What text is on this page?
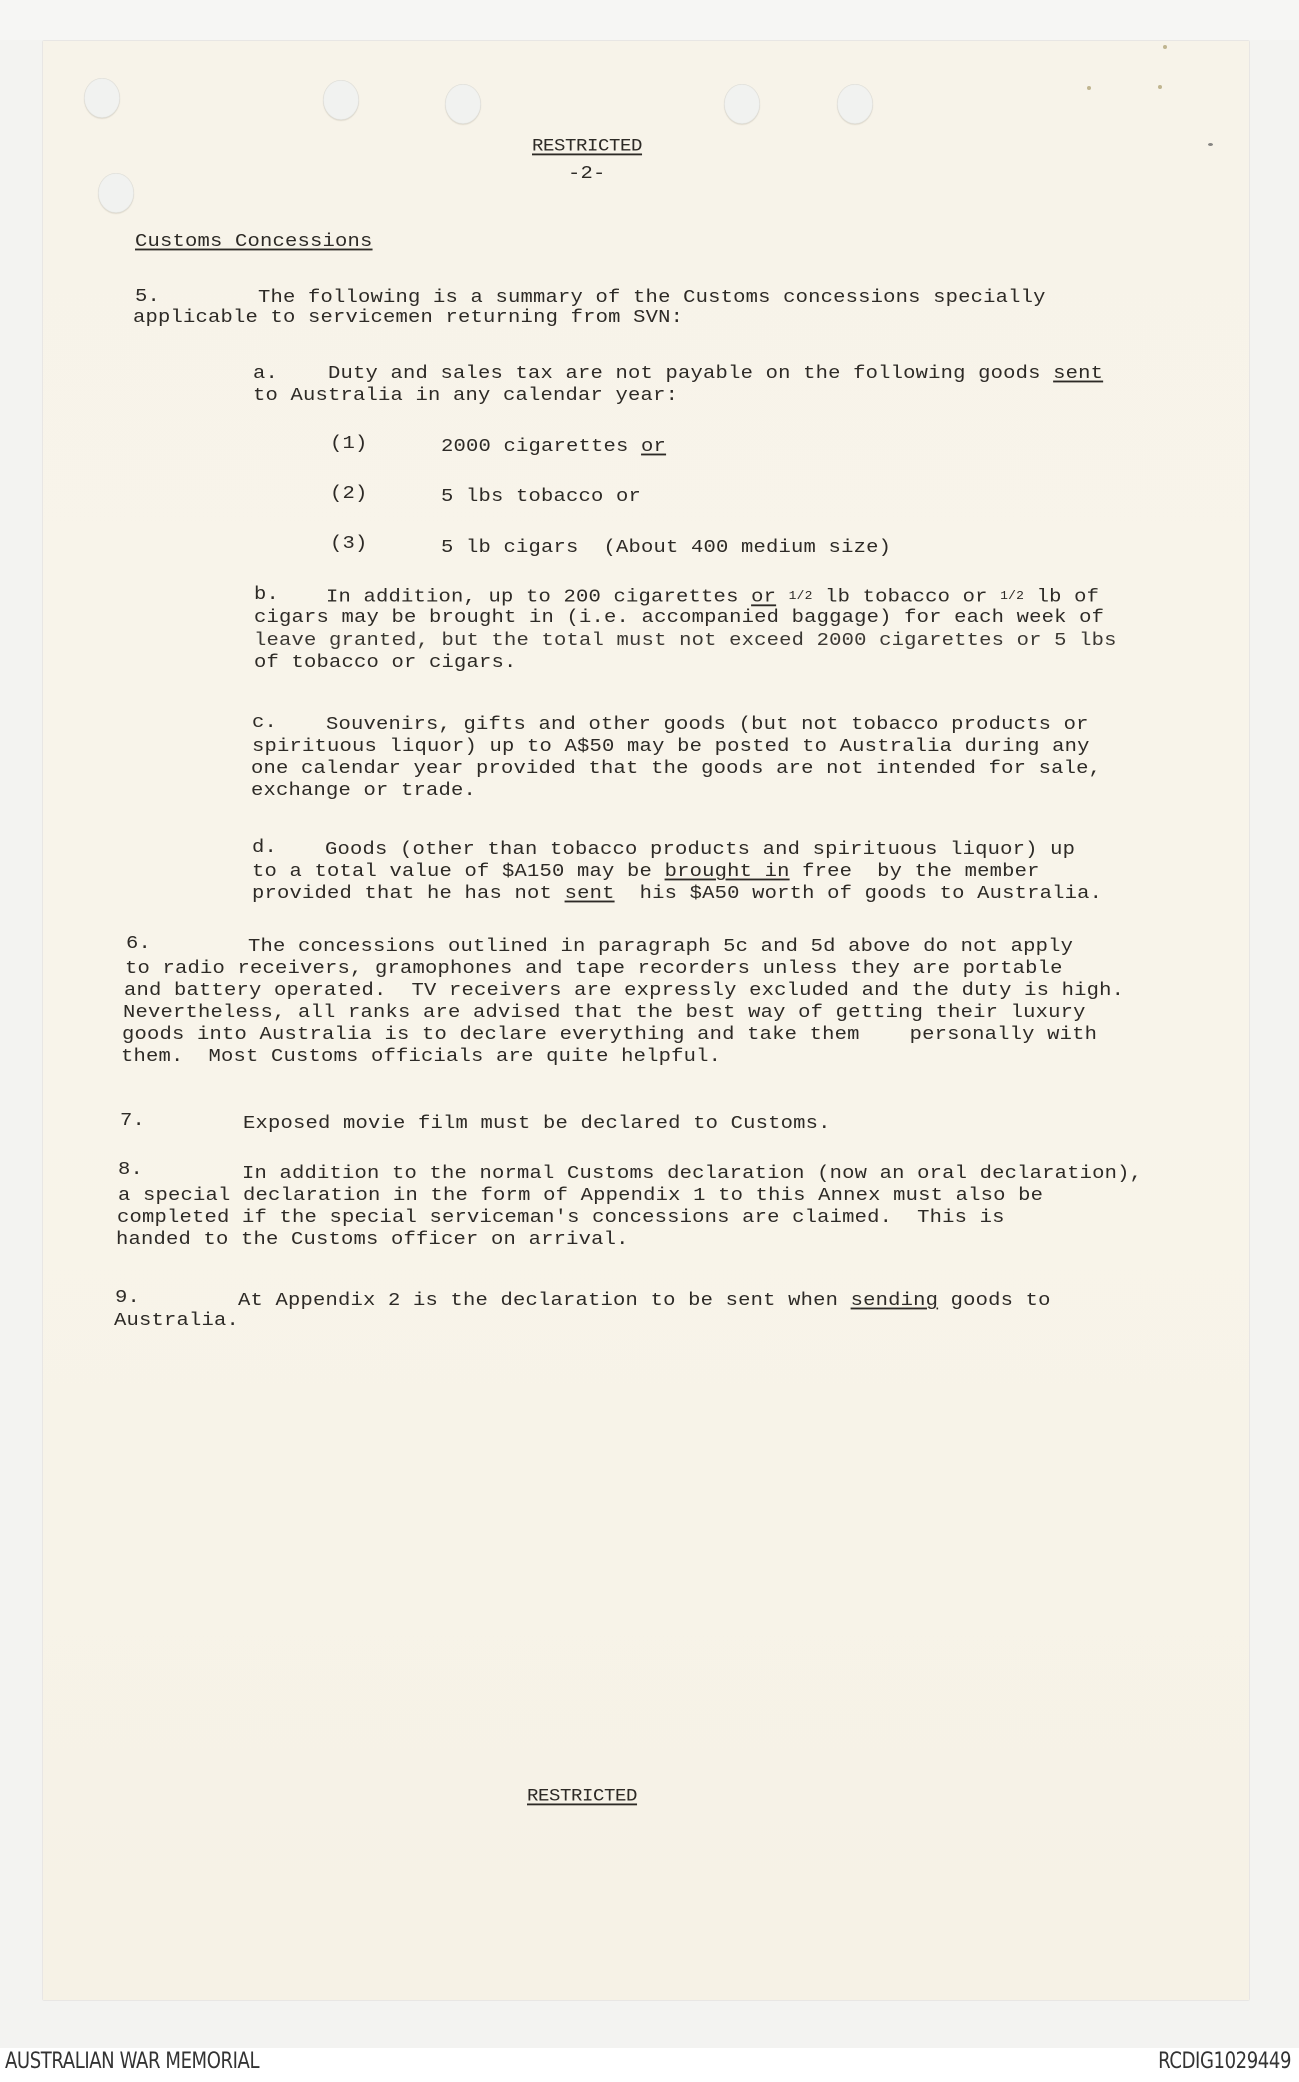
RESTRICTED
-2-
Customs Concessions
5.	The following is a summary of the Customs concessions specially
applicable to servicemen returning from SVN:
a. Duty and sales tax are not payable on the following goods sent
to Australia in any calendar year:
(1)	2000 cigarettes or
(2)	5 lbs tobacco or
(3)	5 lb cigars  (About 400 medium size)
b. In addition, up to 200 cigarettes or 1/2 lb tobacco or 1/2 lb of
cigars may be brought in (i.e. accompanied baggage) for each week of
leave granted, but the total must not exceed 2000 cigarettes or 5 lbs
of tobacco or cigars.
c. Souvenirs, gifts and other goods (but not tobacco products or
spirituous liquor) up to A$50 may be posted to Australia during any
one calendar year provided that the goods are not intended for sale,
exchange or trade.
d. Goods (other than tobacco products and spirituous liquor) up
to a total value of $A150 may be brought in free  by the member
provided that he has not sent  his $A50 worth of goods to Australia.
6.	The concessions outlined in paragraph 5c and 5d above do not apply
to radio receivers, gramophones and tape recorders unless they are portable
and battery operated.  TV receivers are expressly excluded and the duty is high.
Nevertheless, all ranks are advised that the best way of getting their luxury
goods into Australia is to declare everything and take them    personally with
them.  Most Customs officials are quite helpful.
7.	Exposed movie film must be declared to Customs.
8.	In addition to the normal Customs declaration (now an oral declaration),
a special declaration in the form of Appendix 1 to this Annex must also be
completed if the special serviceman's concessions are claimed.  This is
handed to the Customs officer on arrival.
9.	At Appendix 2 is the declaration to be sent when sending goods to
Australia.
RESTRICTED
AUSTRALIAN WAR MEMORIAL	RCDIG1029449
